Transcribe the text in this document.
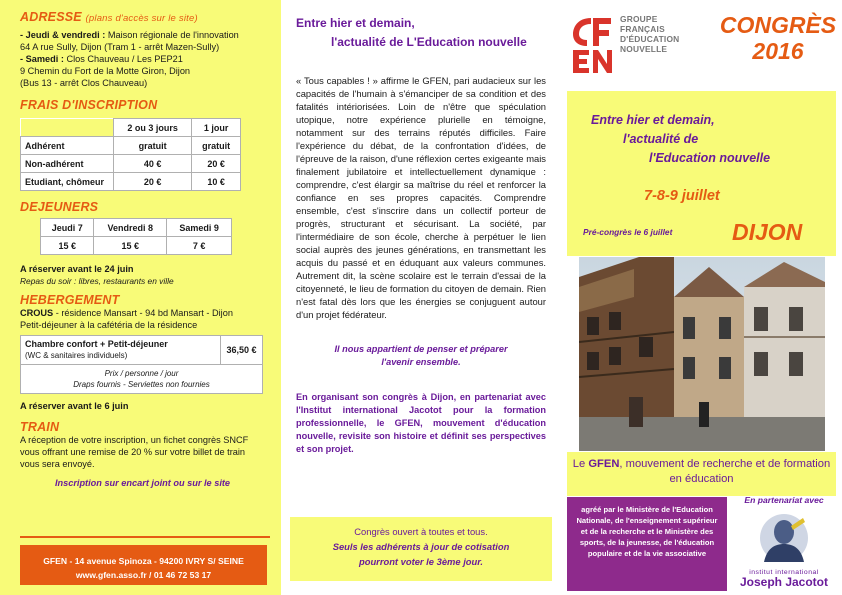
ADRESSE (plans d'accès sur le site)
- Jeudi & vendredi : Maison régionale de l'innovation
64 A rue Sully, Dijon (Tram 1 - arrêt Mazen-Sully)
- Samedi : Clos Chauveau / Les PEP21
9 Chemin du Fort de la Motte Giron, Dijon
(Bus 13 - arrêt Clos Chauveau)
FRAIS D'INSCRIPTION
	2 ou 3 jours	1 jour
Adhérent	gratuit	gratuit
Non-adhérent	40 €	20 €
Etudiant, chômeur	20 €	10 €
DEJEUNERS
Jeudi 7	Vendredi 8	Samedi 9
15 €	15 €	7 €
A réserver avant le 24 juin
Repas du soir : libres, restaurants en ville
HEBERGEMENT
CROUS - résidence Mansart - 94 bd Mansart - Dijon
Petit-déjeuner à la cafétéria de la résidence
Chambre confort + Petit-déjeuner
(WC & sanitaires individuels)
	36,50 €

Prix / personne / jour
Draps fournis - Serviettes non fournies
A réserver avant le 6 juin
TRAIN
A réception de votre inscription, un fichet congrès SNCF vous offrant une remise de 20 % sur votre billet de train vous sera envoyé.
Inscription sur encart joint ou sur le site
GFEN - 14 avenue Spinoza - 94200 IVRY S/ SEINE
www.gfen.asso.fr / 01 46 72 53 17
Entre hier et demain,
l'actualité de L'Education nouvelle
« Tous capables ! » affirme le GFEN, pari audacieux sur les capacités de l'humain à s'émanciper de sa condition et des fatalités intériorisées. Loin de n'être que spéculation utopique, notre expérience plurielle en témoigne, notamment sur des terrains réputés difficiles. Faire l'expérience du débat, de la confrontation d'idées, de l'épreuve de la raison, d'une réflexion certes exigeante mais finalement jubilatoire et intellectuellement dynamique : comprendre, c'est élargir sa maîtrise du réel et renforcer la confiance en ses propres capacités. Comprendre ensemble, c'est s'inscrire dans un collectif porteur de progrès, structurant et sécurisant. La société, par l'intermédiaire de son école, cherche à perpétuer le lien social auprès des jeunes générations, en transmettant les acquis du passé et en éduquant aux valeurs communes. Autrement dit, la scène scolaire est le terrain d'essai de la citoyenneté, le lieu de formation du citoyen de demain. Rien n'est fatal dès lors que les énergies se conjuguent autour d'un projet fédérateur.
Il nous appartient de penser et préparer
l'avenir ensemble.
En organisant son congrès à Dijon, en partenariat avec l'Institut international Jacotot pour la formation professionnelle, le GFEN, mouvement d'éducation nouvelle, revisite son histoire et définit ses perspectives et son projet.
Congrès ouvert à toutes et tous.
Seuls les adhérents à jour de cotisation
pourront voter le 3ème jour.
GROUPE
FRANÇAIS
D'ÉDUCATION
NOUVELLE
CONGRÈS
2016
Entre hier et demain,
l'actualité de
l'Education nouvelle
7-8-9 juillet
Pré-congrès le 6 juillet	DIJON
Le GFEN, mouvement de recherche et de formation en éducation
agréé par le Ministère de l'Education Nationale, de l'enseignement supérieur et de la recherche et le Ministère des sports, de la jeunesse, de l'éducation populaire et de la vie associative
En partenariat avec
institut international
Joseph Jacotot
